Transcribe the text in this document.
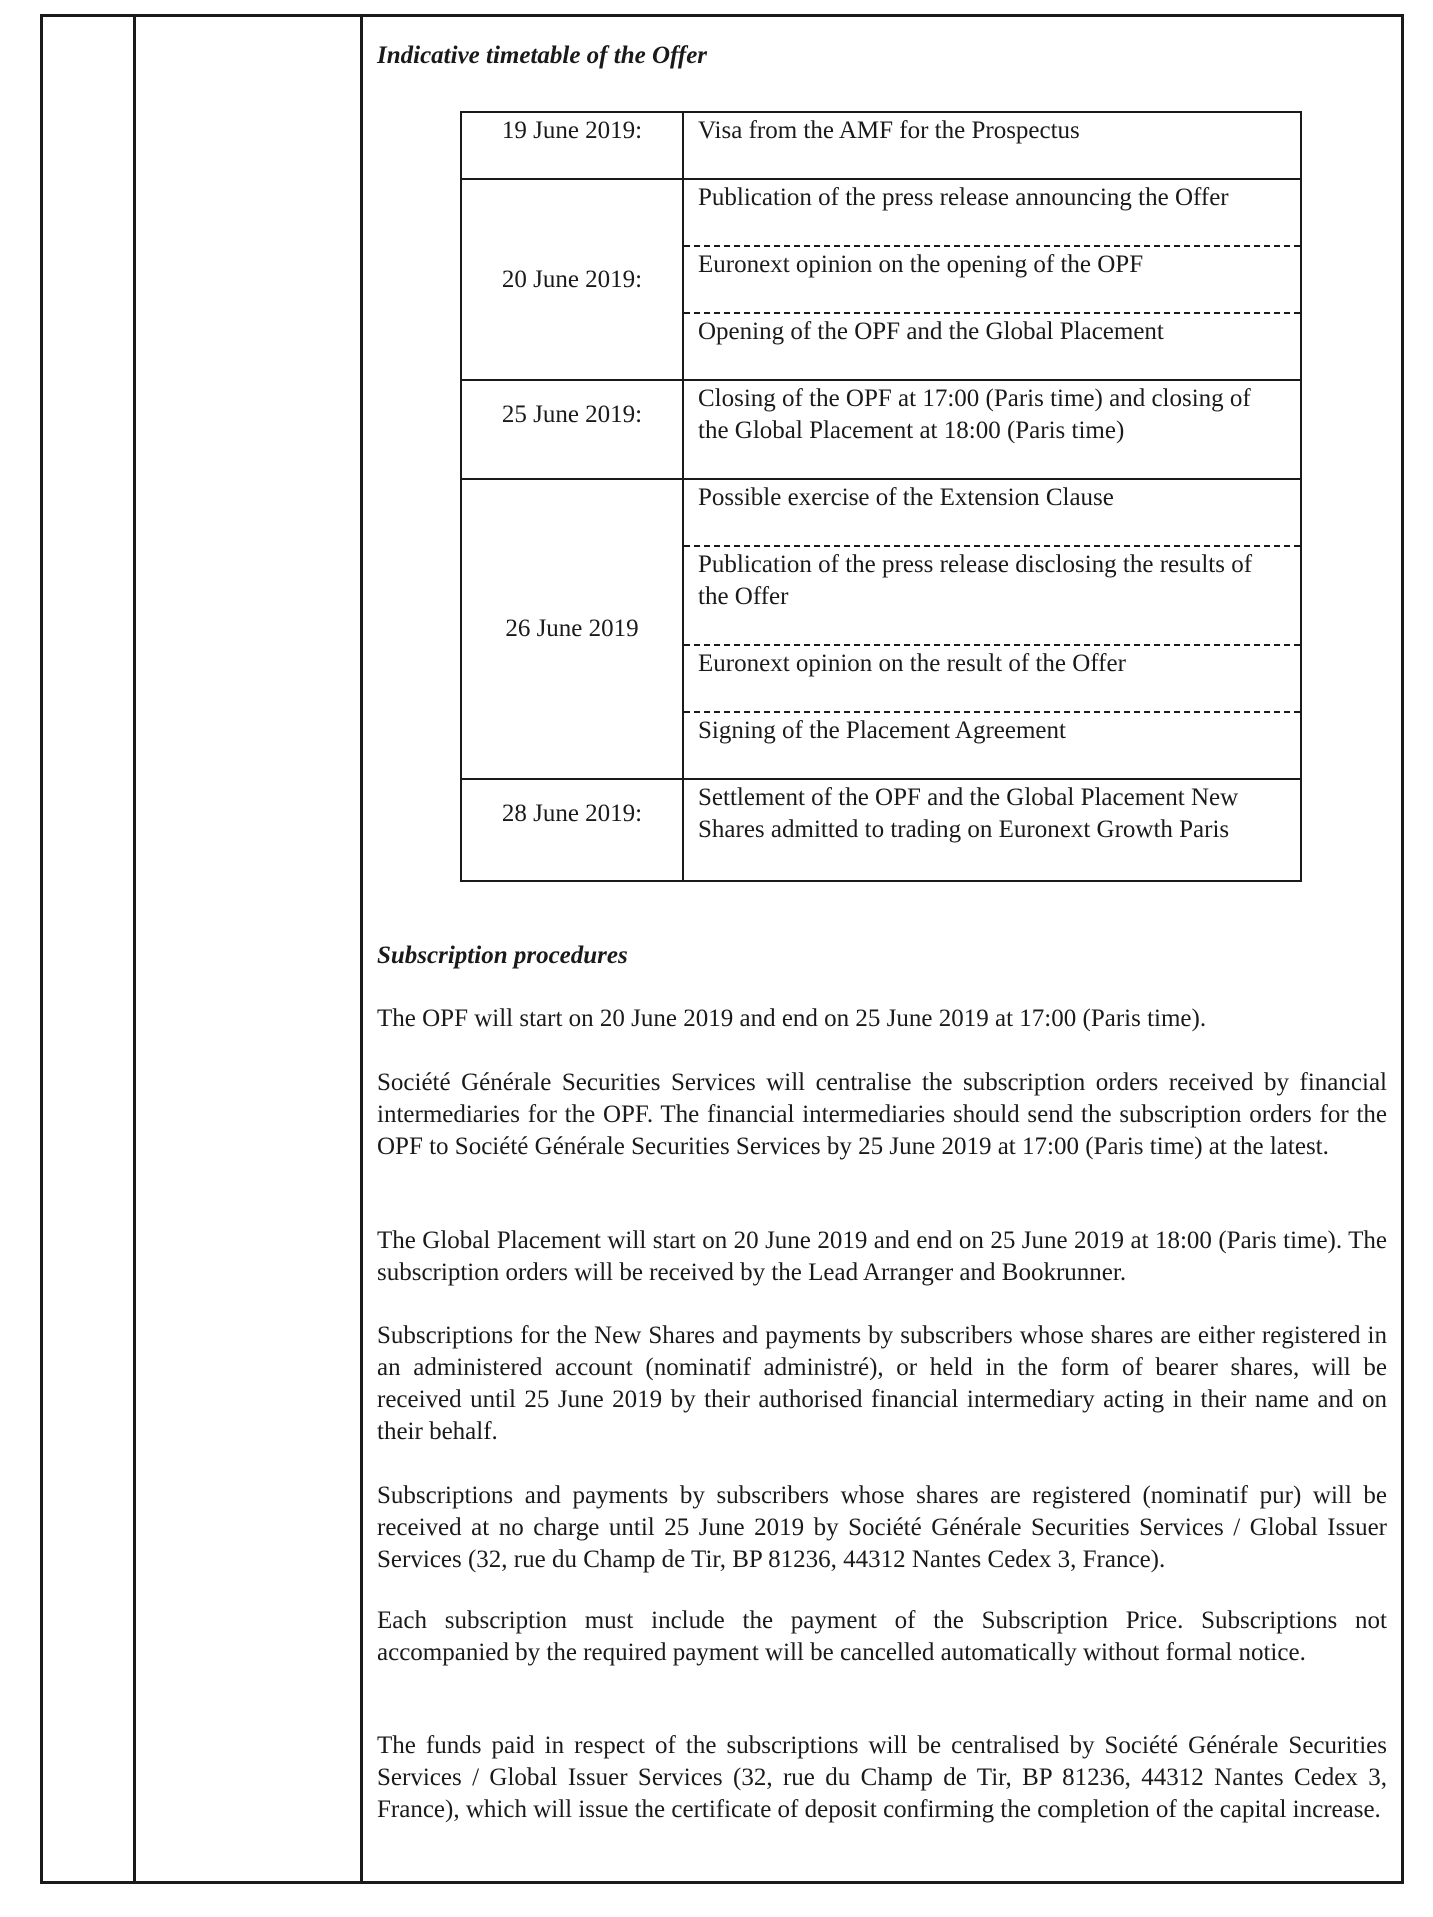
Indicative timetable of the Offer

19 June 2019:	Visa from the AMF for the Prospectus

20 June 2019:	Publication of the press release announcing the Offer
Euronext opinion on the opening of the OPF
Opening of the OPF and the Global Placement

25 June 2019:	Closing of the OPF at 17:00 (Paris time) and closing of the Global Placement at 18:00 (Paris time)

26 June 2019	Possible exercise of the Extension Clause
Publication of the press release disclosing the results of the Offer
Euronext opinion on the result of the Offer
Signing of the Placement Agreement

28 June 2019:	Settlement of the OPF and the Global Placement New Shares admitted to trading on Euronext Growth Paris

Subscription procedures

The OPF will start on 20 June 2019 and end on 25 June 2019 at 17:00 (Paris time).

Société Générale Securities Services will centralise the subscription orders received by financial intermediaries for the OPF. The financial intermediaries should send the subscription orders for the OPF to Société Générale Securities Services by 25 June 2019 at 17:00 (Paris time) at the latest.

The Global Placement will start on 20 June 2019 and end on 25 June 2019 at 18:00 (Paris time). The subscription orders will be received by the Lead Arranger and Bookrunner.

Subscriptions for the New Shares and payments by subscribers whose shares are either registered in an administered account (nominatif administré), or held in the form of bearer shares, will be received until 25 June 2019 by their authorised financial intermediary acting in their name and on their behalf.

Subscriptions and payments by subscribers whose shares are registered (nominatif pur) will be received at no charge until 25 June 2019 by Société Générale Securities Services / Global Issuer Services (32, rue du Champ de Tir, BP 81236, 44312 Nantes Cedex 3, France).

Each subscription must include the payment of the Subscription Price. Subscriptions not accompanied by the required payment will be cancelled automatically without formal notice.

The funds paid in respect of the subscriptions will be centralised by Société Générale Securities Services / Global Issuer Services (32, rue du Champ de Tir, BP 81236, 44312 Nantes Cedex 3, France), which will issue the certificate of deposit confirming the completion of the capital increase.
